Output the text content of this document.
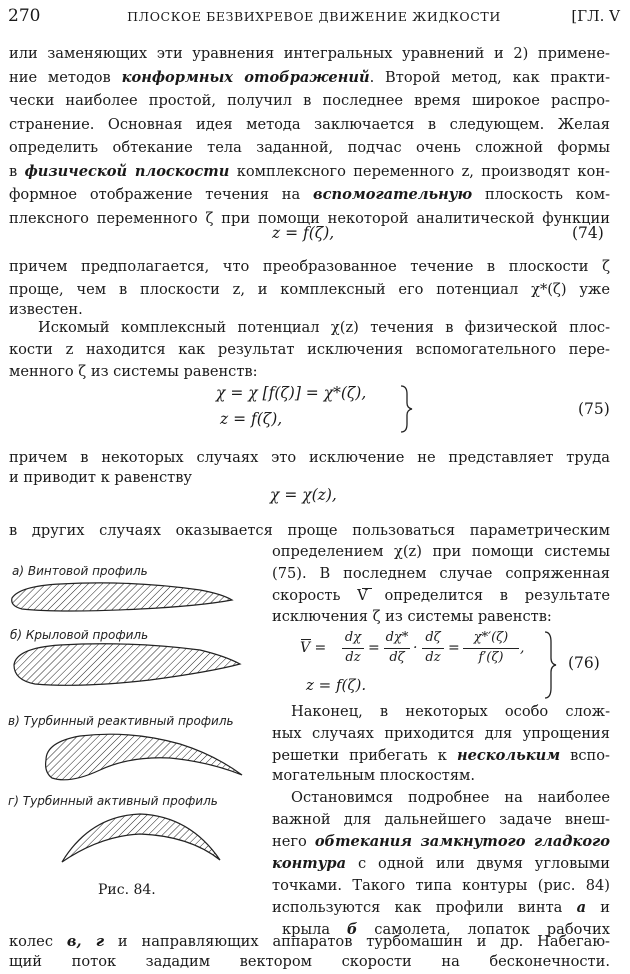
270	ПЛОСКОЕ БЕЗВИХРЕВОЕ ДВИЖЕНИЕ ЖИДКОСТИ	[ГЛ. V
или заменяющих эти уравнения интегральных уравнений и 2) примене-
ние методов конформных отображений. Второй метод, как практи-
чески наиболее простой, получил в последнее время широкое распро-
странение. Основная идея метода заключается в следующем. Желая
определить обтекание тела заданной, подчас очень сложной формы
в физической плоскости комплексного переменного z, производят кон-
формное отображение течения на вспомогательную плоскость ком-
плексного переменного ζ при помощи некоторой аналитической функции
z = f(ζ),	(74)
причем предполагается, что преобразованное течение в плоскости ζ
проще, чем в плоскости z, и комплексный его потенциал χ*(ζ) уже
известен.
Искомый комплексный потенциал χ(z) течения в физической плос-
кости z находится как результат исключения вспомогательного пере-
менного ζ из системы равенств:
χ = χ [f(ζ)] = χ*(ζ),
z = f(ζ),
(75)
причем в некоторых случаях это исключение не представляет труда
и приводит к равенству
χ = χ(z),
в других случаях оказывается проще пользоваться параметрическим
определением χ(z) при помощи системы
(75). В последнем случае сопряженная
скорость V определится в результате
исключения ζ из системы равенств:
V =
dχ
dz
=
dχ*
dζ
·
dζ
dz
=
χ*′(ζ)
f′(ζ)
,
z = f(ζ).
(76)
Наконец, в некоторых особо слож-
ных случаях приходится для упрощения
решетки прибегать к нескольким вспо-
могательным плоскостям.
Остановимся подробнее на наиболее
важной для дальнейшего задаче внеш-
него обтекания замкнутого гладкого
контура с одной или двумя угловыми
точками. Такого типа контуры (рис. 84)
используются как профили винта а и
крыла б самолета, лопаток рабочих
колес в, г и направляющих аппаратов турбомашин и др. Набегаю-
щий поток зададим вектором скорости на бесконечности.
а) Винтовой профиль
б) Крыловой профиль
в) Турбинный реактивный профиль
г) Турбинный активный профиль
Рис. 84.
